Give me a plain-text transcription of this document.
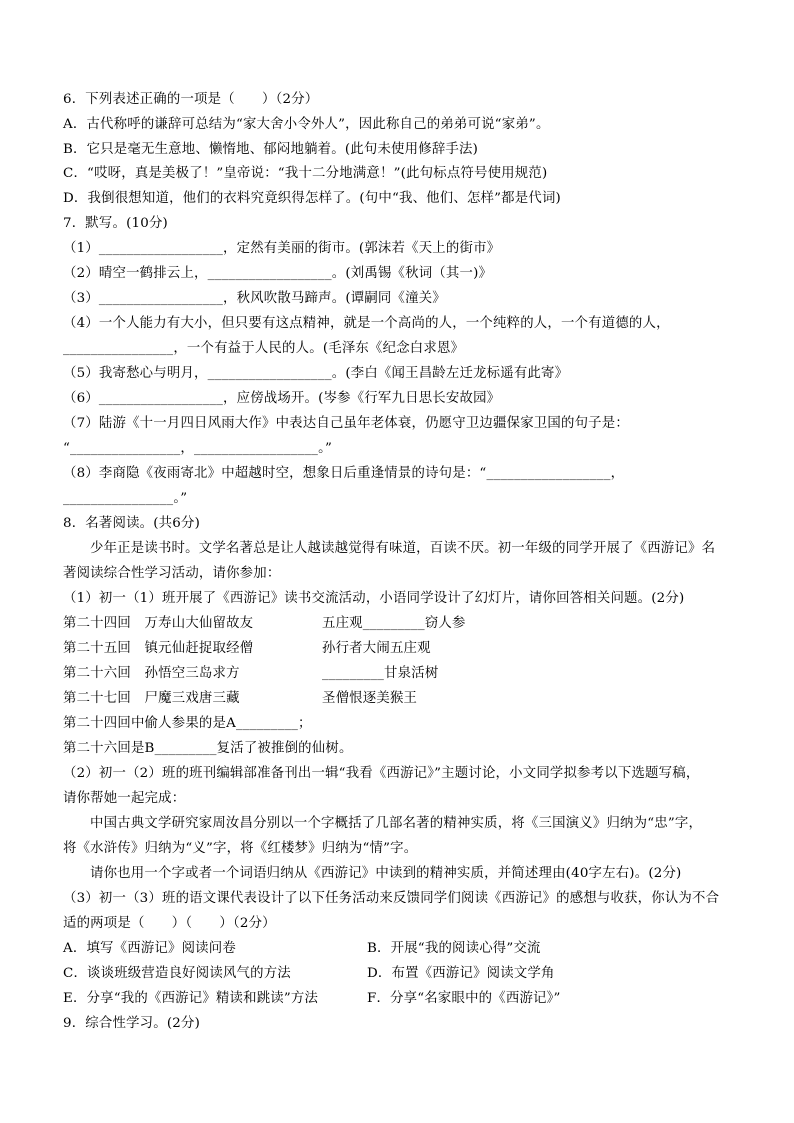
6．下列表述正确的一项是（　　）（2分）
A．古代称呼的谦辞可总结为“家大舍小令外人”，因此称自己的弟弟可说“家弟”。
B．它只是毫无生意地、懒惰地、郁闷地躺着。(此句未使用修辞手法)
C．“哎呀，真是美极了！”皇帝说：“我十二分地满意！”(此句标点符号使用规范)
D．我倒很想知道，他们的衣料究竟织得怎样了。(句中“我、他们、怎样”都是代词)
7．默写。(10分)
（1）__________________，定然有美丽的街市。(郭沫若《天上的街市》
（2）晴空一鹤排云上，__________________。(刘禹锡《秋词（其一)》
（3）__________________，秋风吹散马蹄声。(谭嗣同《潼关》
（4）一个人能力有大小，但只要有这点精神，就是一个高尚的人，一个纯粹的人，一个有道德的人，
________________，一个有益于人民的人。(毛泽东《纪念白求恩》
（5）我寄愁心与明月，__________________。(李白《闻王昌龄左迁龙标遥有此寄》
（6）__________________，应傍战场开。(岑参《行军九日思长安故园》
（7）陆游《十一月四日风雨大作》中表达自己虽年老体衰，仍愿守卫边疆保家卫国的句子是：
“________________，__________________。”
（8）李商隐《夜雨寄北》中超越时空，想象日后重逢情景的诗句是：“__________________，
________________。”
8．名著阅读。(共6分)
少年正是读书时。文学名著总是让人越读越觉得有味道，百读不厌。初一年级的同学开展了《西游记》名
著阅读综合性学习活动，请你参加：
（1）初一（1）班开展了《西游记》读书交流活动，小语同学设计了幻灯片，请你回答相关问题。(2分)
第二十四回　万寿山大仙留故友	五庄观_________窃人参
第二十五回　镇元仙赶捉取经僧	孙行者大闹五庄观
第二十六回　孙悟空三岛求方	_________甘泉活树
第二十七回　尸魔三戏唐三藏	圣僧恨逐美猴王
第二十四回中偷人参果的是A_________；
第二十六回是B_________复活了被推倒的仙树。
（2）初一（2）班的班刊编辑部准备刊出一辑“我看《西游记》”主题讨论，小文同学拟参考以下选题写稿，
请你帮她一起完成：
中国古典文学研究家周汝昌分别以一个字概括了几部名著的精神实质，将《三国演义》归纳为“忠”字，
将《水浒传》归纳为“义”字，将《红楼梦》归纳为“情”字。
请你也用一个字或者一个词语归纳从《西游记》中读到的精神实质，并简述理由(40字左右)。(2分)
（3）初一（3）班的语文课代表设计了以下任务活动来反馈同学们阅读《西游记》的感想与收获，你认为不合
适的两项是（　　）（　　）（2分）
A．填写《西游记》阅读问卷	B．开展“我的阅读心得”交流
C．谈谈班级营造良好阅读风气的方法	D．布置《西游记》阅读文学角
E．分享“我的《西游记》精读和跳读”方法	F．分享“名家眼中的《西游记》”
9．综合性学习。(2分)
